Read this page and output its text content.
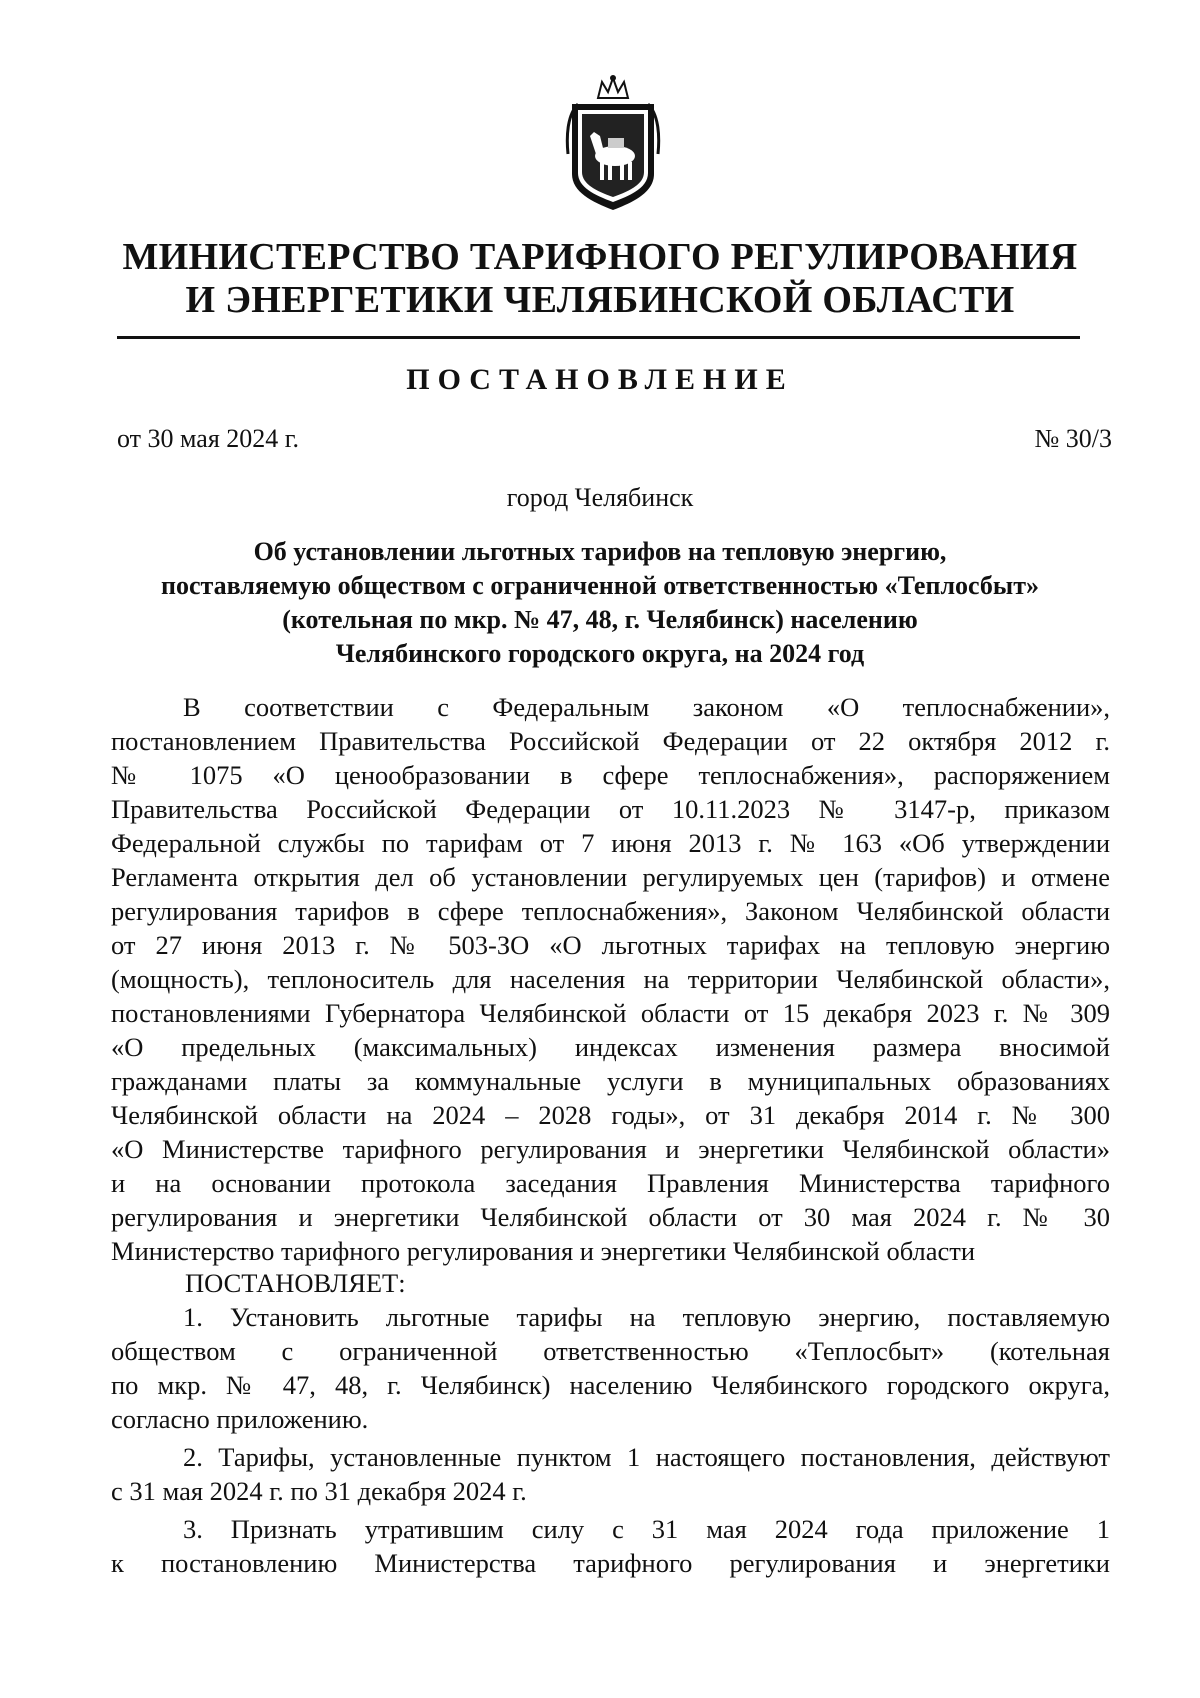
МИНИСТЕРСТВО ТАРИФНОГО РЕГУЛИРОВАНИЯ
И ЭНЕРГЕТИКИ ЧЕЛЯБИНСКОЙ ОБЛАСТИ
ПОСТАНОВЛЕНИЕ
от 30 мая 2024 г.	№ 30/3
город Челябинск
Об установлении льготных тарифов на тепловую энергию,
поставляемую обществом с ограниченной ответственностью «Теплосбыт»
(котельная по мкр. № 47, 48, г. Челябинск) населению
Челябинского городского округа, на 2024 год
В соответствии с Федеральным законом «О теплоснабжении»,
постановлением Правительства Российской Федерации от 22 октября 2012 г.
№ 1075 «О ценообразовании в сфере теплоснабжения», распоряжением
Правительства Российской Федерации от 10.11.2023 № 3147-р, приказом
Федеральной службы по тарифам от 7 июня 2013 г. № 163 «Об утверждении
Регламента открытия дел об установлении регулируемых цен (тарифов) и отмене
регулирования тарифов в сфере теплоснабжения», Законом Челябинской области
от 27 июня 2013 г. № 503-ЗО «О льготных тарифах на тепловую энергию
(мощность), теплоноситель для населения на территории Челябинской области»,
постановлениями Губернатора Челябинской области от 15 декабря 2023 г. № 309
«О предельных (максимальных) индексах изменения размера вносимой
гражданами платы за коммунальные услуги в муниципальных образованиях
Челябинской области на 2024 – 2028 годы», от 31 декабря 2014 г. № 300
«О Министерстве тарифного регулирования и энергетики Челябинской области»
и на основании протокола заседания Правления Министерства тарифного
регулирования и энергетики Челябинской области от 30 мая 2024 г. № 30
Министерство тарифного регулирования и энергетики Челябинской области
ПОСТАНОВЛЯЕТ:
1. Установить льготные тарифы на тепловую энергию, поставляемую
обществом с ограниченной ответственностью «Теплосбыт» (котельная
по мкр. № 47, 48, г. Челябинск) населению Челябинского городского округа,
согласно приложению.
2. Тарифы, установленные пунктом 1 настоящего постановления, действуют
с 31 мая 2024 г. по 31 декабря 2024 г.
3. Признать утратившим силу с 31 мая 2024 года приложение 1
к постановлению Министерства тарифного регулирования и энергетики
